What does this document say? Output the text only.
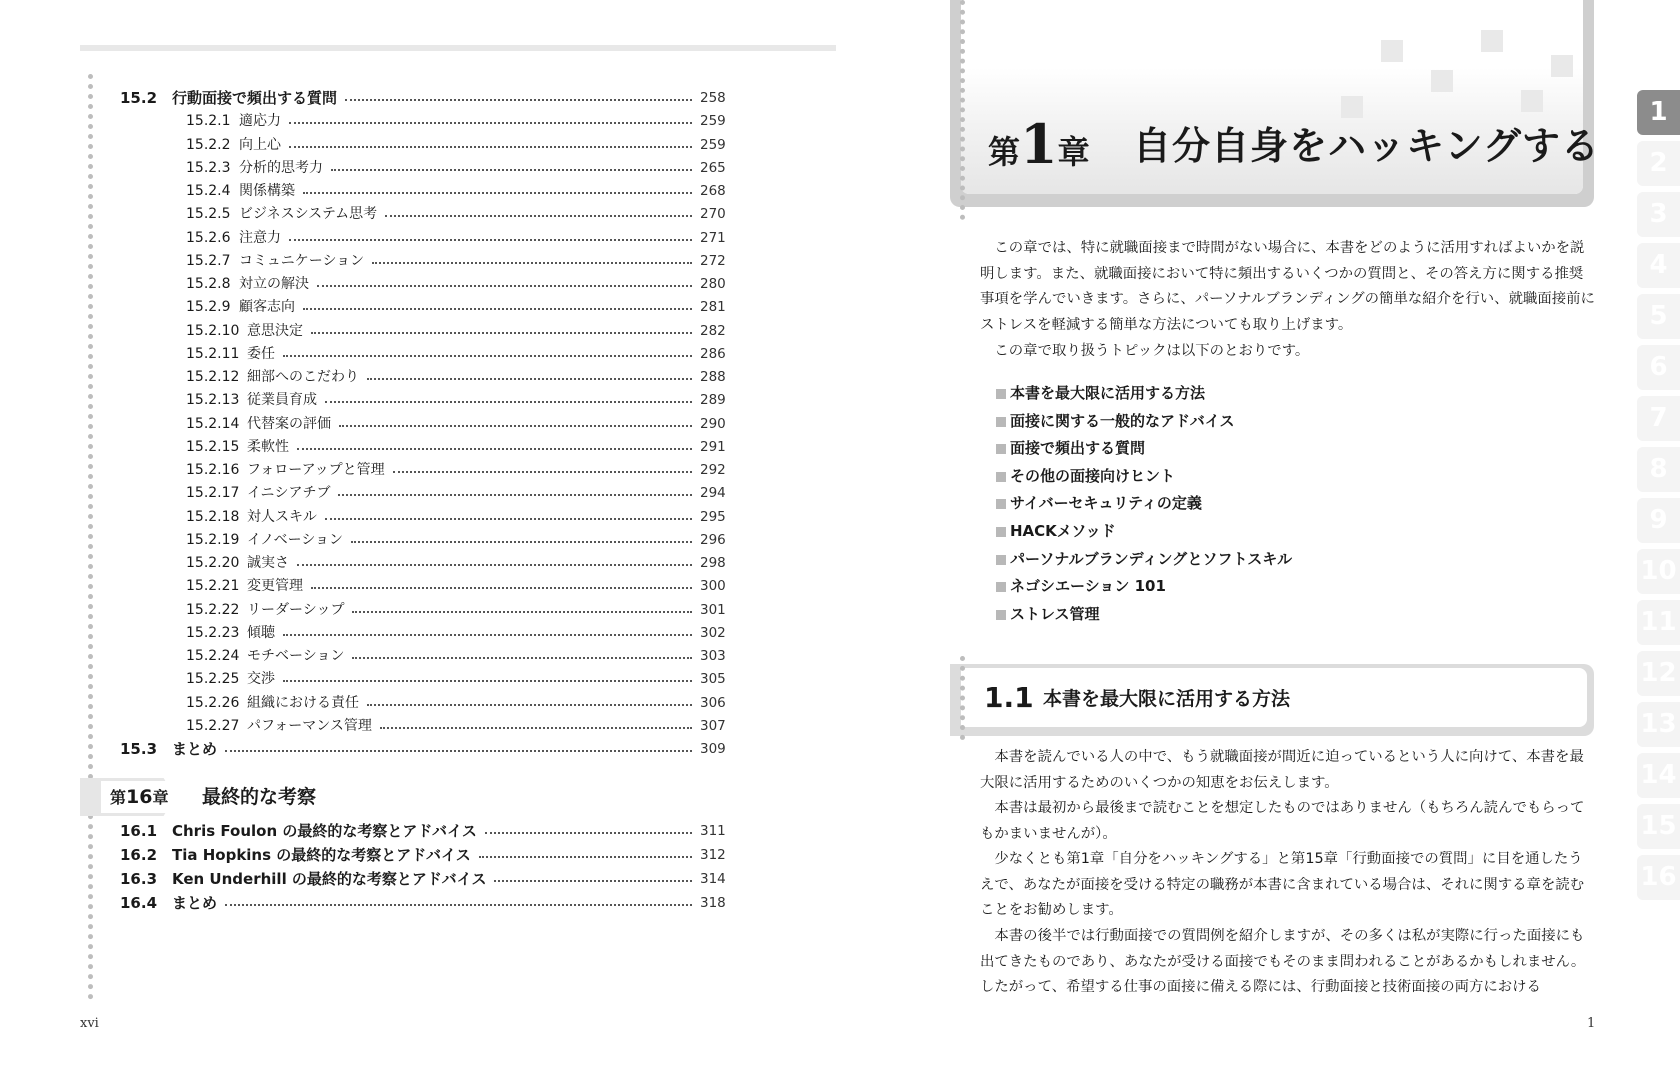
15.2 行動面接で頻出する質問	258
15.2.1 適応力	259
15.2.2 向上心	259
15.2.3 分析的思考力	265
15.2.4 関係構築	268
15.2.5 ビジネスシステム思考	270
15.2.6 注意力	271
15.2.7 コミュニケーション	272
15.2.8 対立の解決	280
15.2.9 顧客志向	281
15.2.10 意思決定	282
15.2.11 委任	286
15.2.12 細部へのこだわり	288
15.2.13 従業員育成	289
15.2.14 代替案の評価	290
15.2.15 柔軟性	291
15.2.16 フォローアップと管理	292
15.2.17 イニシアチブ	294
15.2.18 対人スキル	295
15.2.19 イノベーション	296
15.2.20 誠実さ	298
15.2.21 変更管理	300
15.2.22 リーダーシップ	301
15.2.23 傾聴	302
15.2.24 モチベーション	303
15.2.25 交渉	305
15.2.26 組織における責任	306
15.2.27 パフォーマンス管理	307
15.3 まとめ	309
第16章 最終的な考察
16.1 Chris Foulon の最終的な考察とアドバイス	311
16.2 Tia Hopkins の最終的な考察とアドバイス	312
16.3 Ken Underhill の最終的な考察とアドバイス	314
16.4 まとめ	318
xvi
第1章 自分自身をハッキングする

この章では、特に就職面接まで時間がない場合に、本書をどのように活用すればよいかを説明します。また、就職面接において特に頻出するいくつかの質問と、その答え方に関する推奨事項を学んでいきます。さらに、パーソナルブランディングの簡単な紹介を行い、就職面接前にストレスを軽減する簡単な方法についても取り上げます。

この章で取り扱うトピックは以下のとおりです。

本書を最大限に活用する方法
面接に関する一般的なアドバイス
面接で頻出する質問
その他の面接向けヒント
サイバーセキュリティの定義
HACKメソッド
パーソナルブランディングとソフトスキル
ネゴシエーション 101
ストレス管理
1.1 本書を最大限に活用する方法

本書を読んでいる人の中で、もう就職面接が間近に迫っているという人に向けて、本書を最大限に活用するためのいくつかの知恵をお伝えします。

本書は最初から最後まで読むことを想定したものではありません（もちろん読んでもらってもかまいませんが）。

少なくとも第1章「自分をハッキングする」と第15章「行動面接での質問」に目を通したうえで、あなたが面接を受ける特定の職務が本書に含まれている場合は、それに関する章を読むことをお勧めします。

本書の後半では行動面接での質問例を紹介しますが、その多くは私が実際に行った面接にも出てきたものであり、あなたが受ける面接でもそのまま問われることがあるかもしれません。したがって、希望する仕事の面接に備える際には、行動面接と技術面接の両方における

1
2
3
4
5
6
7
8
9
10
11
12
13
14
15
16
1
